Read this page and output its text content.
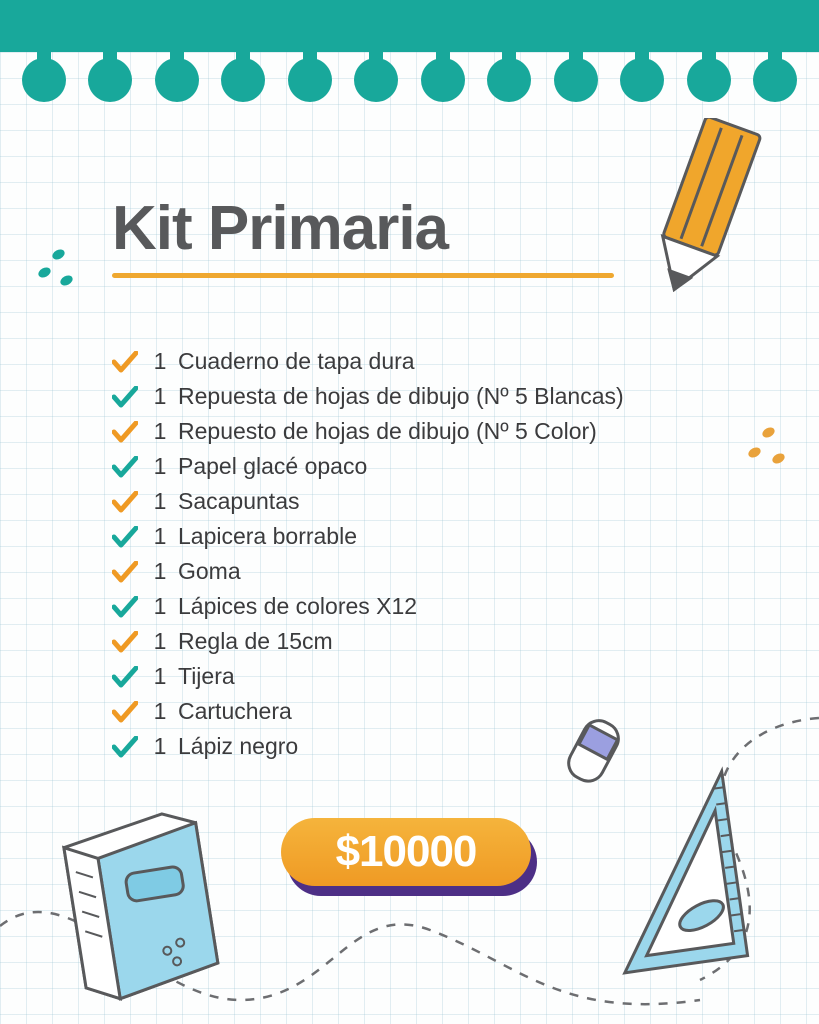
Kit Primaria
1 Cuaderno de tapa dura
1 Repuesta de hojas de dibujo (Nº 5 Blancas)
1 Repuesto de hojas de dibujo (Nº 5 Color)
1 Papel glacé opaco
1 Sacapuntas
1 Lapicera borrable
1 Goma
1 Lápices de colores X12
1 Regla de 15cm
1 Tijera
1 Cartuchera
1 Lápiz negro
$10000
